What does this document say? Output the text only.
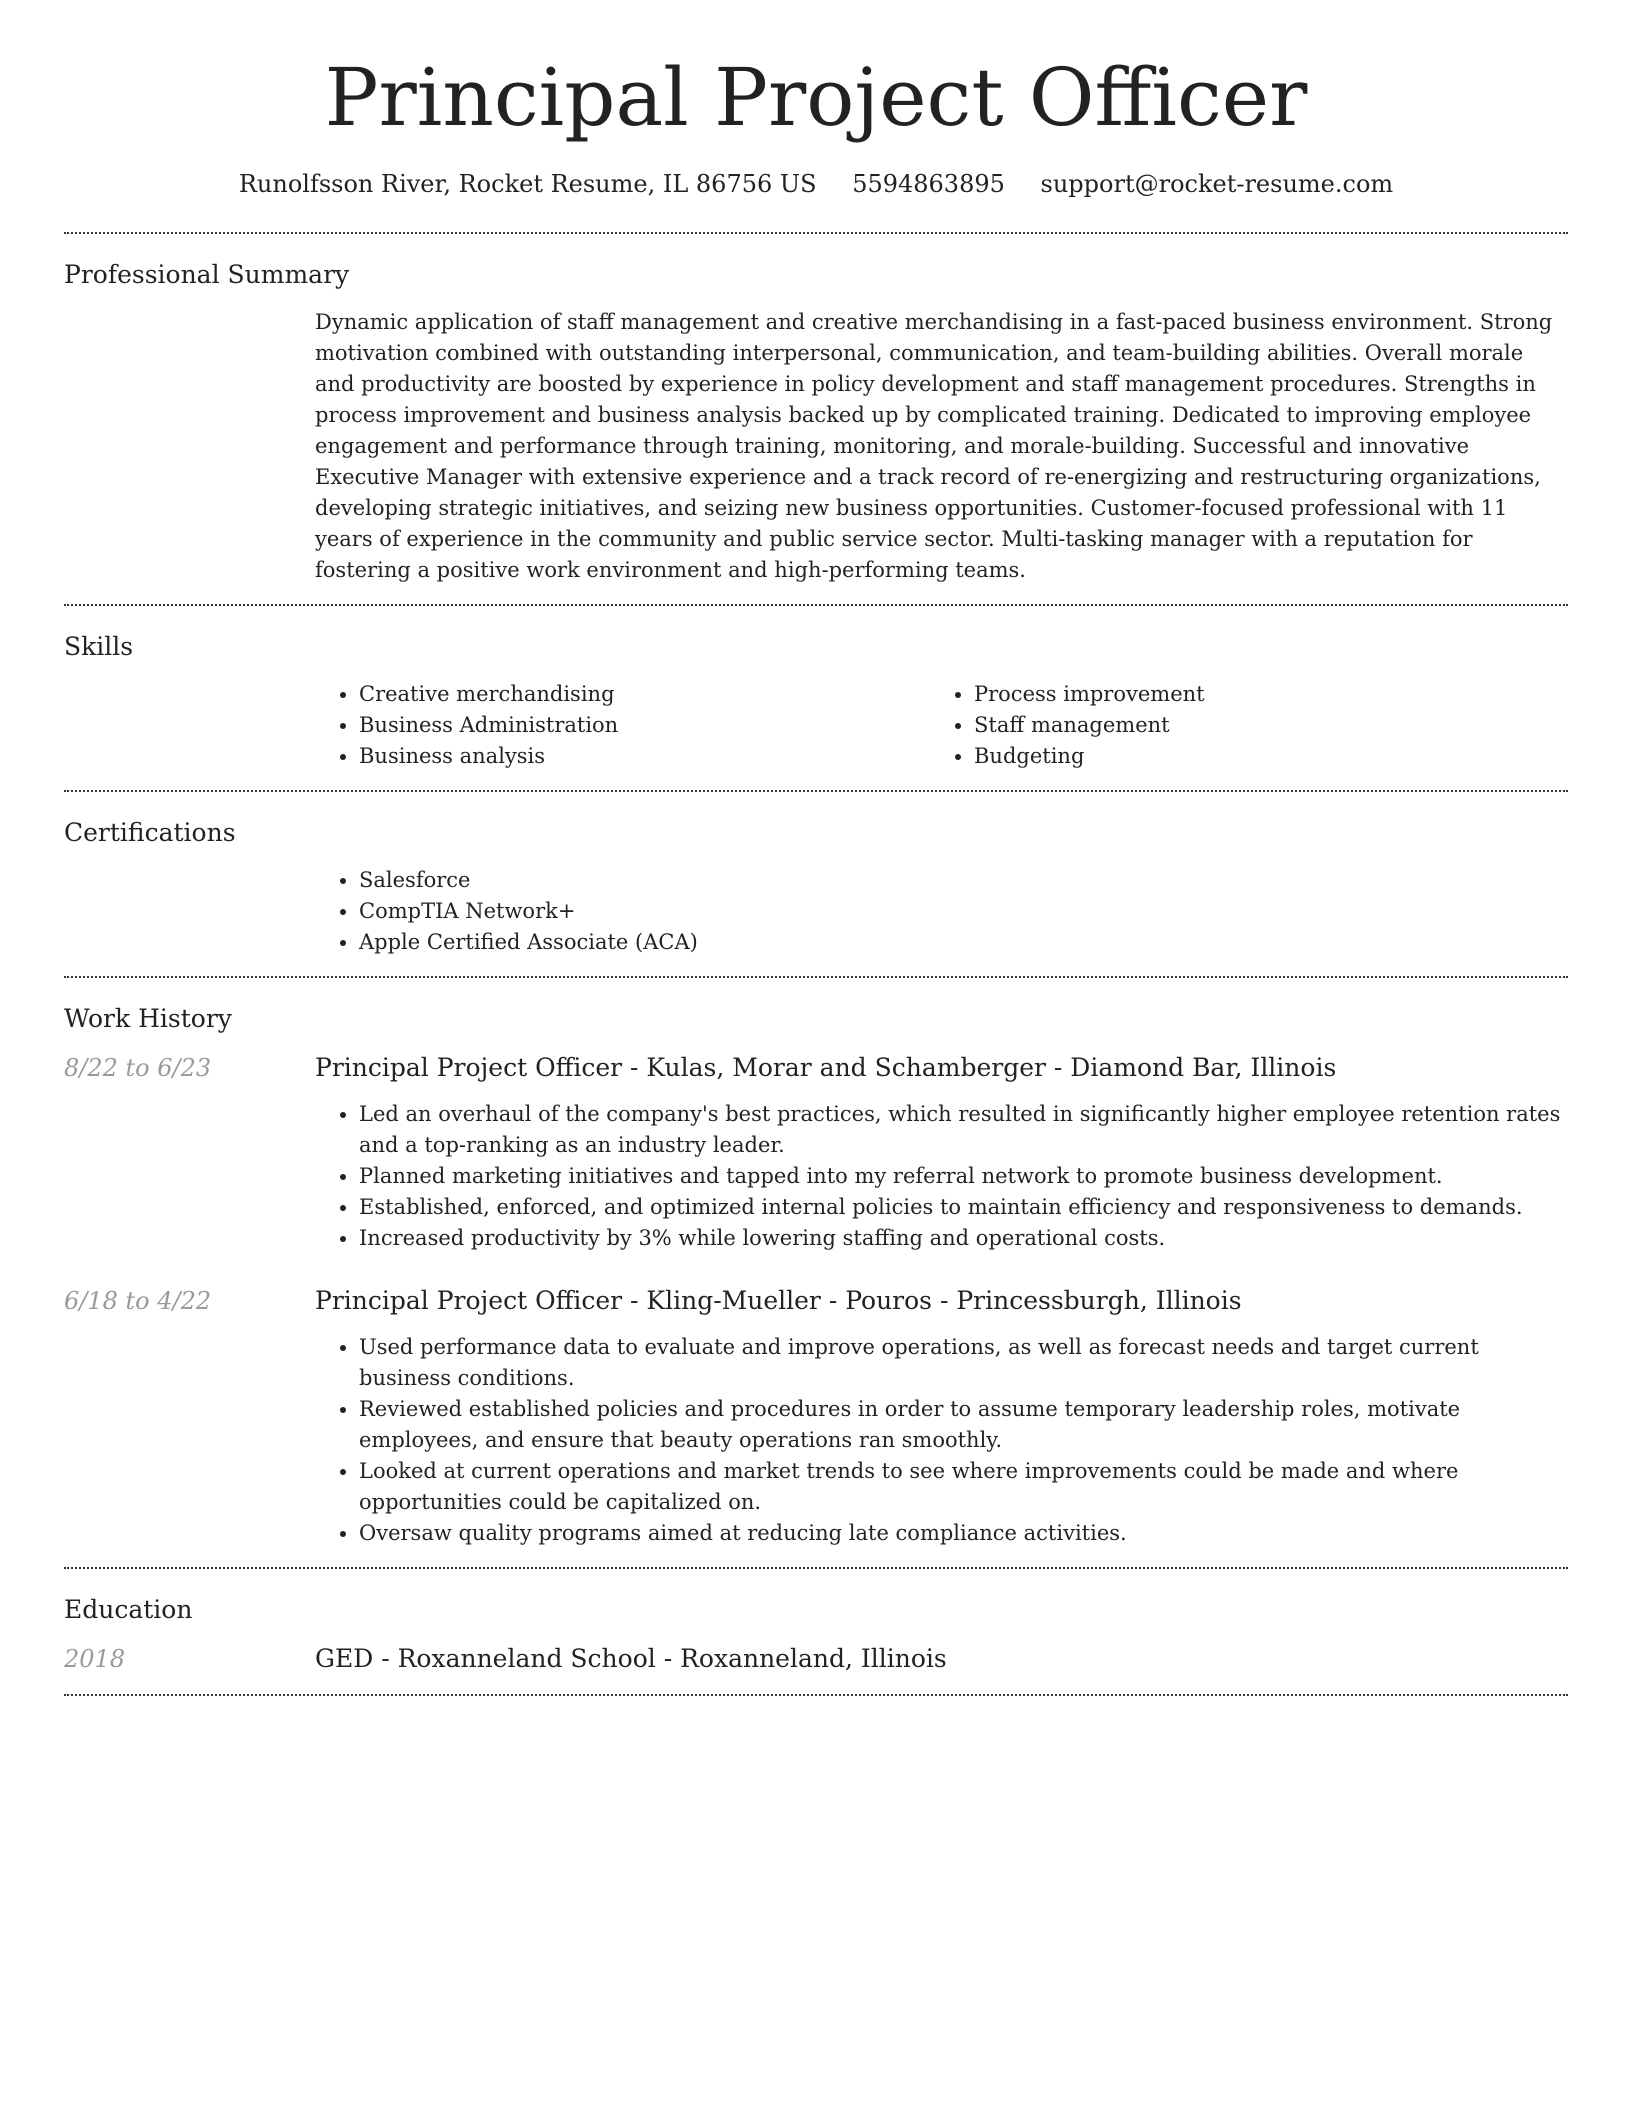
Principal Project Officer
Runolfsson River, Rocket Resume, IL 86756 US 5594863895 support@rocket-resume.com
Professional Summary

Dynamic application of staff management and creative merchandising in a fast-paced business environment. Strong motivation combined with outstanding interpersonal, communication, and team-building abilities. Overall morale and productivity are boosted by experience in policy development and staff management procedures. Strengths in process improvement and business analysis backed up by complicated training. Dedicated to improving employee engagement and performance through training, monitoring, and morale-building. Successful and innovative Executive Manager with extensive experience and a track record of re-energizing and restructuring organizations, developing strategic initiatives, and seizing new business opportunities. Customer-focused professional with 11 years of experience in the community and public service sector. Multi-tasking manager with a reputation for fostering a positive work environment and high-performing teams.

Skills
• Creative merchandising
• Business Administration
• Business analysis
• Process improvement
• Staff management
• Budgeting
Certifications
• Salesforce
• CompTIA Network+
• Apple Certified Associate (ACA)
Work History
8/22 to 6/23	Principal Project Officer - Kulas, Morar and Schamberger - Diamond Bar, Illinois
• Led an overhaul of the company's best practices, which resulted in significantly higher employee retention rates and a top-ranking as an industry leader.
• Planned marketing initiatives and tapped into my referral network to promote business development.
• Established, enforced, and optimized internal policies to maintain efficiency and responsiveness to demands.
• Increased productivity by 3% while lowering staffing and operational costs.
6/18 to 4/22	Principal Project Officer - Kling-Mueller - Pouros - Princessburgh, Illinois
• Used performance data to evaluate and improve operations, as well as forecast needs and target current business conditions.
• Reviewed established policies and procedures in order to assume temporary leadership roles, motivate employees, and ensure that beauty operations ran smoothly.
• Looked at current operations and market trends to see where improvements could be made and where opportunities could be capitalized on.
• Oversaw quality programs aimed at reducing late compliance activities.
Education
2018	GED - Roxanneland School - Roxanneland, Illinois
